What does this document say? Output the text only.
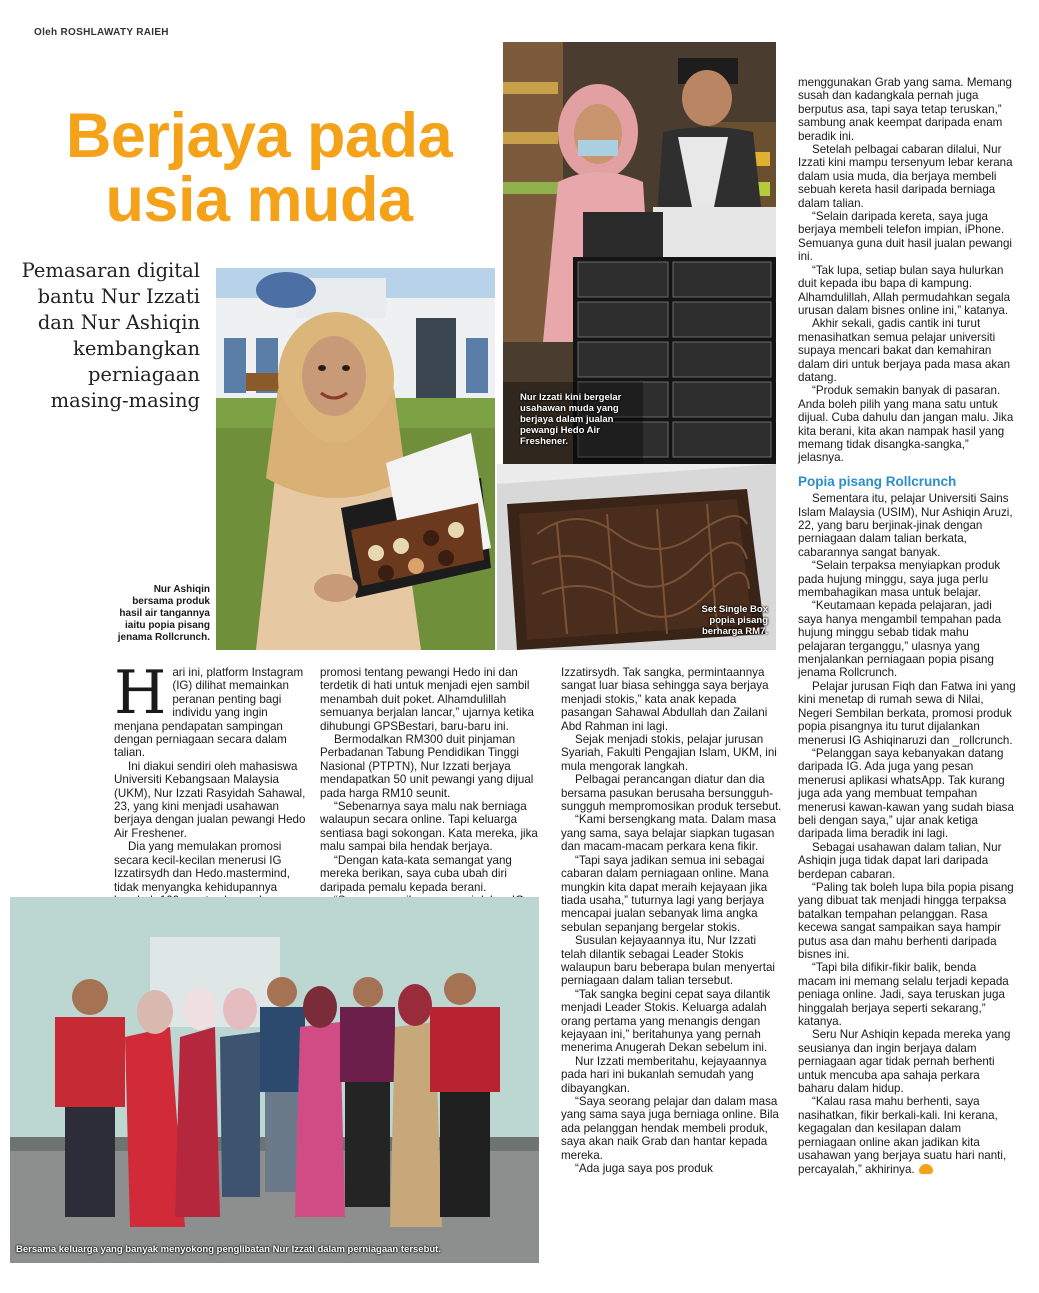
Oleh ROSHLAWATY RAIEH
Berjaya pada
usia muda
Pemasaran digital
bantu Nur Izzati
dan Nur Ashiqin
kembangkan
perniagaan
masing-masing
Nur Ashiqin
bersama produk
hasil air tangannya
iaitu popia pisang
jenama Rollcrunch.
Nur Izzati kini bergelar usahawan muda yang berjaya dalam jualan pewangi Hedo Air Freshener.
Set Single Box
popia pisang
berharga RM7.

H ari ini, platform Instagram (IG) dilihat memainkan peranan penting bagi individu yang ingin menjana pendapatan sampingan dengan perniagaan secara dalam talian.

Ini diakui sendiri oleh mahasiswa Universiti Kebangsaan Malaysia (UKM), Nur Izzati Rasyidah Sahawal, 23, yang kini menjadi usahawan berjaya dengan jualan pewangi Hedo Air Freshener.

Dia yang memulakan promosi secara kecil-kecilan menerusi IG Izzatirsydh dan Hedo.mastermind, tidak menyangka kehidupannya

promosi tentang pewangi Hedo ini dan terdetik di hati untuk menjadi ejen sambil menambah duit poket. Alhamdulillah semuanya berjalan lancar,” ujarnya ketika dihubungi GPSBestari, baru-baru ini.

Bermodalkan RM300 duit pinjaman Perbadanan Tabung Pendidikan Tinggi Nasional (PTPTN), Nur Izzati berjaya mendapatkan 50 unit pewangi yang dijual pada harga RM10 seunit.

“Sebenarnya saya malu nak berniaga walaupun secara online. Tapi keluarga sentiasa bagi sokongan. Kata mereka, jika malu sampai bila hendak berjaya.

“Dengan kata-kata semangat yang mereka berikan, saya cuba ubah diri daripada pemalu kepada berani.

Bersama keluarga yang banyak menyokong penglibatan Nur Izzati dalam perniagaan tersebut.

Izzatirsydh. Tak sangka, permintaannya sangat luar biasa sehingga saya berjaya menjadi stokis,” kata anak kepada pasangan Sahawal Abdullah dan Zailani Abd Rahman ini lagi.

Sejak menjadi stokis, pelajar jurusan Syariah, Fakulti Pengajian Islam, UKM, ini mula mengorak langkah.

Pelbagai perancangan diatur dan dia bersama pasukan berusaha bersungguh-sungguh mempromosikan produk tersebut.

“Kami bersengkang mata. Dalam masa yang sama, saya belajar siapkan tugasan dan macam-macam perkara kena fikir.

“Tapi saya jadikan semua ini sebagai cabaran dalam perniagaan online. Mana mungkin kita dapat meraih kejayaan jika tiada usaha,” tuturnya lagi yang berjaya mencapai jualan sebanyak lima angka sebulan sepanjang bergelar stokis.

Susulan kejayaannya itu, Nur Izzati telah dilantik sebagai Leader Stokis walaupun baru beberapa bulan menyertai perniagaan dalam talian tersebut.

“Tak sangka begini cepat saya dilantik menjadi Leader Stokis. Keluarga adalah orang pertama yang menangis dengan kejayaan ini,” beritahunya yang pernah menerima Anugerah Dekan sebelum ini.

Nur Izzati memberitahu, kejayaannya pada hari ini bukanlah semudah yang dibayangkan.

“Saya seorang pelajar dan dalam masa yang sama saya juga berniaga online. Bila ada pelanggan hendak membeli produk, saya akan naik Grab dan hantar kepada mereka.

“Ada juga saya pos produk

menggunakan Grab yang sama. Memang susah dan kadangkala pernah juga berputus asa, tapi saya tetap teruskan,” sambung anak keempat daripada enam beradik ini.

Setelah pelbagai cabaran dilalui, Nur Izzati kini mampu tersenyum lebar kerana dalam usia muda, dia berjaya membeli sebuah kereta hasil daripada berniaga dalam talian.

“Selain daripada kereta, saya juga berjaya membeli telefon impian, iPhone. Semuanya guna duit hasil jualan pewangi ini.

“Tak lupa, setiap bulan saya hulurkan duit kepada ibu bapa di kampung. Alhamdulillah, Allah permudahkan segala urusan dalam bisnes online ini,” katanya.

Akhir sekali, gadis cantik ini turut menasihatkan semua pelajar universiti supaya mencari bakat dan kemahiran dalam diri untuk berjaya pada masa akan datang.

“Produk semakin banyak di pasaran. Anda boleh pilih yang mana satu untuk dijual. Cuba dahulu dan jangan malu. Jika kita berani, kita akan nampak hasil yang memang tidak disangka-sangka,” jelasnya.

Popia pisang Rollcrunch

Sementara itu, pelajar Universiti Sains Islam Malaysia (USIM), Nur Ashiqin Aruzi, 22, yang baru berjinak-jinak dengan perniagaan dalam talian berkata, cabarannya sangat banyak.

“Selain terpaksa menyiapkan produk pada hujung minggu, saya juga perlu membahagikan masa untuk belajar.

“Keutamaan kepada pelajaran, jadi saya hanya mengambil tempahan pada hujung minggu sebab tidak mahu pelajaran terganggu,” ulasnya yang menjalankan perniagaan popia pisang jenama Rollcrunch.

Pelajar jurusan Fiqh dan Fatwa ini yang kini menetap di rumah sewa di Nilai, Negeri Sembilan berkata, promosi produk popia pisangnya itu turut dijalankan menerusi IG Ashiqinaruzi dan _rollcrunch.

“Pelanggan saya kebanyakan datang daripada IG. Ada juga yang pesan menerusi aplikasi whatsApp. Tak kurang juga ada yang membuat tempahan menerusi kawan-kawan yang sudah biasa beli dengan saya,” ujar anak ketiga daripada lima beradik ini lagi.

Sebagai usahawan dalam talian, Nur Ashiqin juga tidak dapat lari daripada berdepan cabaran.

“Paling tak boleh lupa bila popia pisang yang dibuat tak menjadi hingga terpaksa batalkan tempahan pelanggan. Rasa kecewa sangat sampaikan saya hampir putus asa dan mahu berhenti daripada bisnes ini.

“Tapi bila difikir-fikir balik, benda macam ini memang selalu terjadi kepada peniaga online. Jadi, saya teruskan juga hinggalah berjaya seperti sekarang,” katanya.

Seru Nur Ashiqin kepada mereka yang seusianya dan ingin berjaya dalam perniagaan agar tidak pernah berhenti untuk mencuba apa sahaja perkara baharu dalam hidup.

“Kalau rasa mahu berhenti, saya nasihatkan, fikir berkali-kali. Ini kerana, kegagalan dan kesilapan dalam perniagaan online akan jadikan kita usahawan yang berjaya suatu hari nanti, percayalah,” akhirinya.
